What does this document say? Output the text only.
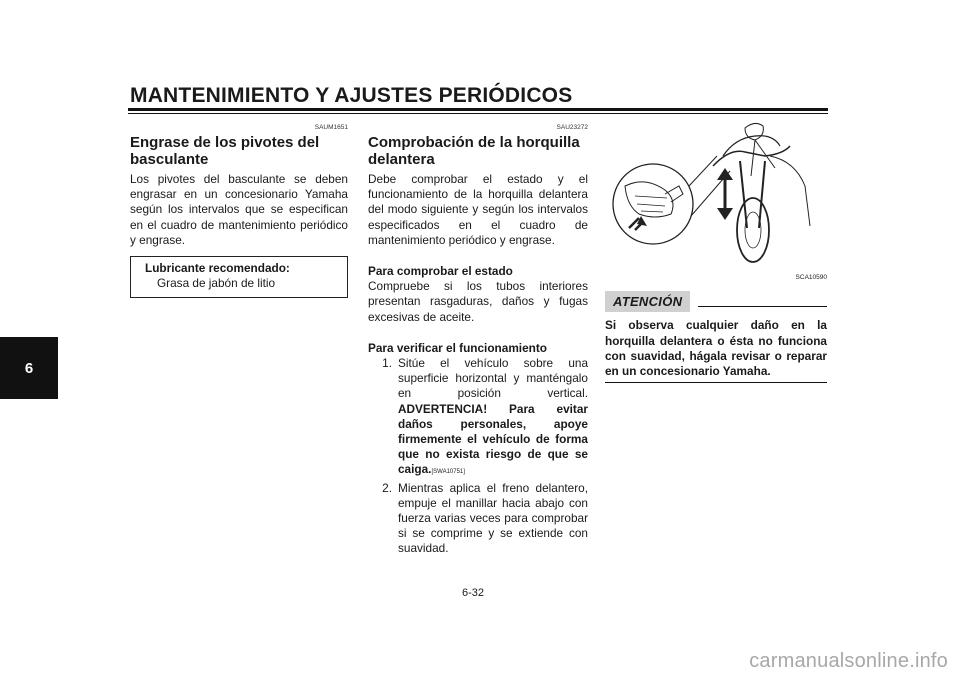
MANTENIMIENTO Y AJUSTES PERIÓDICOS
6
SAUM1651
Engrase de los pivotes del basculante

Los pivotes del basculante se deben engrasar en un concesionario Yamaha según los intervalos que se especifican en el cuadro de mantenimiento periódico y engrase.

Lubricante recomendado:
Grasa de jabón de litio
SAU23272
Comprobación de la horquilla delantera

Debe comprobar el estado y el funcionamiento de la horquilla delantera del modo siguiente y según los intervalos especificados en el cuadro de mantenimiento periódico y engrase.

Para comprobar el estado

Compruebe si los tubos interiores presentan rasgaduras, daños y fugas excesivas de aceite.

Para verificar el funcionamiento
1. Sitúe el vehículo sobre una superficie horizontal y manténgalo en posición vertical. ADVERTENCIA! Para evitar daños personales, apoye firmemente el vehículo de forma que no exista riesgo de que se caiga.[SWA10751]
2. Mientras aplica el freno delantero, empuje el manillar hacia abajo con fuerza varias veces para comprobar si se comprime y se extiende con suavidad.
SCA10590
ATENCIÓN
Si observa cualquier daño en la horquilla delantera o ésta no funciona con suavidad, hágala revisar o reparar en un concesionario Yamaha.
6-32
carmanualsonline.info
